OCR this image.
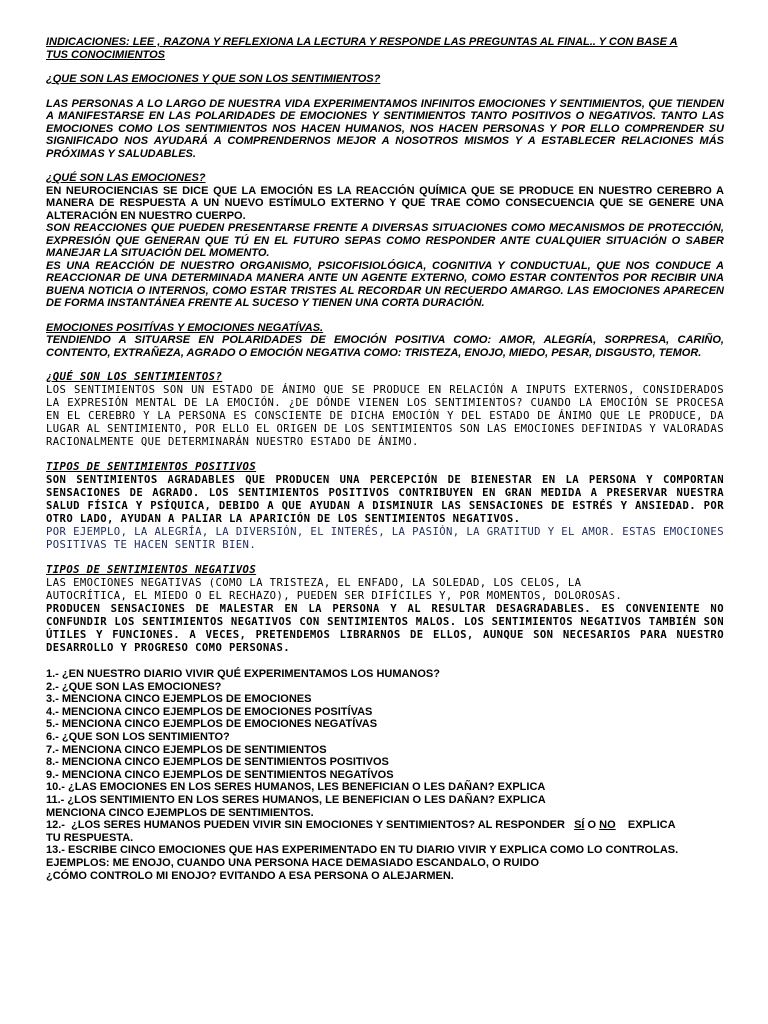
INDICACIONES: LEE , RAZONA Y REFLEXIONA LA LECTURA Y RESPONDE LAS PREGUNTAS AL FINAL.. Y CON BASE A
TUS CONOCIMIENTOS
¿QUE SON LAS EMOCIONES Y QUE SON LOS SENTIMIENTOS?
LAS PERSONAS A LO LARGO DE NUESTRA VIDA EXPERIMENTAMOS INFINITOS EMOCIONES Y SENTIMIENTOS, QUE TIENDEN A MANIFESTARSE EN LAS POLARIDADES DE EMOCIONES Y SENTIMIENTOS TANTO POSITIVOS O NEGATIVOS. TANTO LAS EMOCIONES COMO LOS SENTIMIENTOS NOS HACEN HUMANOS, NOS HACEN PERSONAS Y POR ELLO COMPRENDER SU SIGNIFICADO NOS AYUDARÁ A COMPRENDERNOS MEJOR A NOSOTROS MISMOS Y A ESTABLECER RELACIONES MÁS PRÓXIMAS Y SALUDABLES.
¿QUÉ SON LAS EMOCIONES?
EN NEUROCIENCIAS SE DICE QUE LA EMOCIÓN ES LA REACCIÓN QUÍMICA QUE SE PRODUCE EN NUESTRO CEREBRO A MANERA DE RESPUESTA A UN NUEVO ESTÍMULO EXTERNO Y QUE TRAE COMO CONSECUENCIA QUE SE GENERE UNA ALTERACIÓN EN NUESTRO CUERPO.
SON REACCIONES QUE PUEDEN PRESENTARSE FRENTE A DIVERSAS SITUACIONES COMO MECANISMOS DE PROTECCIÓN, EXPRESIÓN QUE GENERAN QUE TÚ EN EL FUTURO SEPAS COMO RESPONDER ANTE CUALQUIER SITUACIÓN O SABER MANEJAR LA SITUACIÓN DEL MOMENTO.
ES UNA REACCIÓN DE NUESTRO ORGANISMO, PSICOFISIOLÓGICA, COGNITIVA Y CONDUCTUAL, QUE NOS CONDUCE A REACCIONAR DE UNA DETERMINADA MANERA ANTE UN AGENTE EXTERNO, COMO ESTAR CONTENTOS POR RECIBIR UNA BUENA NOTICIA O INTERNOS, COMO ESTAR TRISTES AL RECORDAR UN RECUERDO AMARGO. LAS EMOCIONES APARECEN DE FORMA INSTANTÁNEA FRENTE AL SUCESO Y TIENEN UNA CORTA DURACIÓN.
EMOCIONES POSITÍVAS Y EMOCIONES NEGATÍVAS.
TENDIENDO A SITUARSE EN POLARIDADES DE EMOCIÓN POSITIVA COMO: AMOR, ALEGRÍA, SORPRESA, CARIÑO, CONTENTO, EXTRAÑEZA, AGRADO O EMOCIÓN NEGATIVA COMO: TRISTEZA, ENOJO, MIEDO, PESAR, DISGUSTO, TEMOR.
¿QUÉ SON LOS SENTIMIENTOS?
LOS SENTIMIENTOS SON UN ESTADO DE ÁNIMO QUE SE PRODUCE EN RELACIÓN A INPUTS EXTERNOS, CONSIDERADOS LA EXPRESIÓN MENTAL DE LA EMOCIÓN. ¿DE DÓNDE VIENEN LOS SENTIMIENTOS? CUANDO LA EMOCIÓN SE PROCESA EN EL CEREBRO Y LA PERSONA ES CONSCIENTE DE DICHA EMOCIÓN Y DEL ESTADO DE ÁNIMO QUE LE PRODUCE, DA LUGAR AL SENTIMIENTO, POR ELLO EL ORIGEN DE LOS SENTIMIENTOS SON LAS EMOCIONES DEFINIDAS Y VALORADAS RACIONALMENTE QUE DETERMINARÁN NUESTRO ESTADO DE ÁNIMO.
TIPOS DE SENTIMIENTOS POSITIVOS
SON SENTIMIENTOS AGRADABLES QUE PRODUCEN UNA PERCEPCIÓN DE BIENESTAR EN LA PERSONA Y COMPORTAN SENSACIONES DE AGRADO. LOS SENTIMIENTOS POSITIVOS CONTRIBUYEN EN GRAN MEDIDA A PRESERVAR NUESTRA SALUD FÍSICA Y PSÍQUICA, DEBIDO A QUE AYUDAN A DISMINUIR LAS SENSACIONES DE ESTRÉS Y ANSIEDAD. POR OTRO LADO, AYUDAN A PALIAR LA APARICIÓN DE LOS SENTIMIENTOS NEGATIVOS.
POR EJEMPLO, LA ALEGRÍA, LA DIVERSIÓN, EL INTERÉS, LA PASIÓN, LA GRATITUD Y EL AMOR. ESTAS EMOCIONES POSITIVAS TE HACEN SENTIR BIEN.
TIPOS DE SENTIMIENTOS NEGATIVOS
LAS EMOCIONES NEGATIVAS (COMO LA TRISTEZA, EL ENFADO, LA SOLEDAD, LOS CELOS, LA
AUTOCRÍTICA, EL MIEDO O EL RECHAZO), PUEDEN SER DIFÍCILES Y, POR MOMENTOS, DOLOROSAS.
PRODUCEN SENSACIONES DE MALESTAR EN LA PERSONA Y AL RESULTAR DESAGRADABLES. ES CONVENIENTE NO CONFUNDIR LOS SENTIMIENTOS NEGATIVOS CON SENTIMIENTOS MALOS. LOS SENTIMIENTOS NEGATIVOS TAMBIÉN SON ÚTILES Y FUNCIONES. A VECES, PRETENDEMOS LIBRARNOS DE ELLOS, AUNQUE SON NECESARIOS PARA NUESTRO DESARROLLO Y PROGRESO COMO PERSONAS.
1.- ¿EN NUESTRO DIARIO VIVIR QUÉ EXPERIMENTAMOS LOS HUMANOS?
2.- ¿QUE SON LAS EMOCIONES?
3.- MENCIONA CINCO EJEMPLOS DE EMOCIONES
4.- MENCIONA CINCO EJEMPLOS DE EMOCIONES POSITÍVAS
5.- MENCIONA CINCO EJEMPLOS DE EMOCIONES NEGATÍVAS
6.- ¿QUE SON LOS SENTIMIENTO?
7.- MENCIONA CINCO EJEMPLOS DE SENTIMIENTOS
8.- MENCIONA CINCO EJEMPLOS DE SENTIMIENTOS POSITIVOS
9.- MENCIONA CINCO EJEMPLOS DE SENTIMIENTOS NEGATÍVOS
10.- ¿LAS EMOCIONES EN LOS SERES HUMANOS, LES BENEFICIAN O LES DAÑAN? EXPLICA
11.- ¿LOS SENTIMIENTO EN LOS SERES HUMANOS, LE BENEFICIAN O LES DAÑAN? EXPLICA
MENCIONA CINCO EJEMPLOS DE SENTIMIENTOS.
12.-  ¿LOS SERES HUMANOS PUEDEN VIVIR SIN EMOCIONES Y SENTIMIENTOS? AL RESPONDER   SÍ O NO    EXPLICA
TU RESPUESTA.
13.- ESCRIBE CINCO EMOCIONES QUE HAS EXPERIMENTADO EN TU DIARIO VIVIR Y EXPLICA COMO LO CONTROLAS.
EJEMPLOS: ME ENOJO, CUANDO UNA PERSONA HACE DEMASIADO ESCANDALO, O RUIDO
¿CÓMO CONTROLO MI ENOJO? EVITANDO A ESA PERSONA O ALEJARMEN.
